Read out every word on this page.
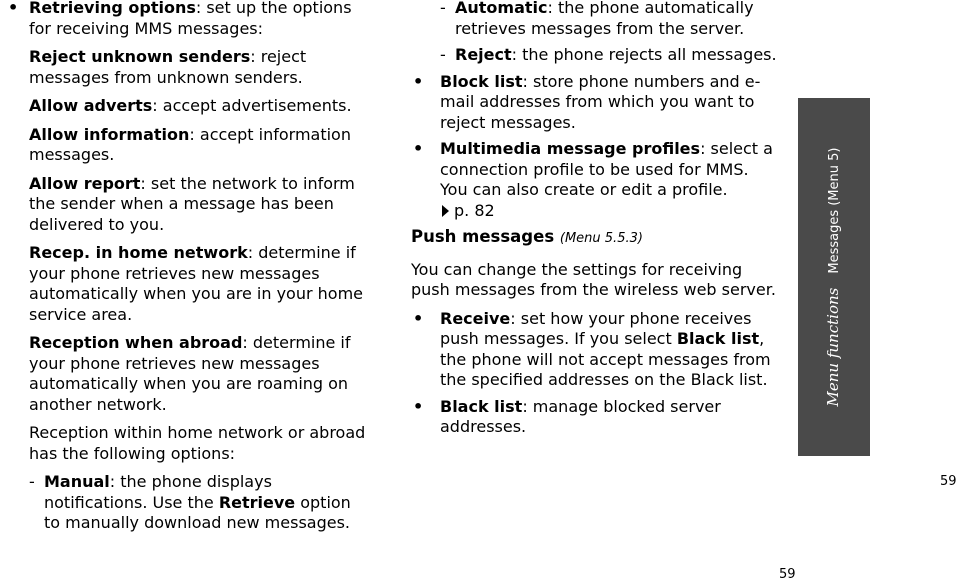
• Retrieving options: set up the options for receiving MMS messages:

Reject unknown senders: reject messages from unknown senders.

Allow adverts: accept advertisements.

Allow information: accept information messages.

Allow report: set the network to inform the sender when a message has been delivered to you.

Recep. in home network: determine if your phone retrieves new messages automatically when you are in your home service area.

Reception when abroad: determine if your phone retrieves new messages automatically when you are roaming on another network.

Reception within home network or abroad has the following options:

- Manual: the phone displays notifications. Use the Retrieve option to manually download new messages.

- Automatic: the phone automatically retrieves messages from the server.

- Reject: the phone rejects all messages.

• Block list: store phone numbers and e-mail addresses from which you want to reject messages.

• Multimedia message profiles: select a connection profile to be used for MMS. You can also create or edit a profile.
p. 82

Push messages (Menu 5.5.3)

You can change the settings for receiving push messages from the wireless web server.

• Receive: set how your phone receives push messages. If you select Black list, the phone will not accept messages from the specified addresses on the Black list.

• Black list: manage blocked server addresses.

Menu functionsMessages (Menu 5)
59
59
